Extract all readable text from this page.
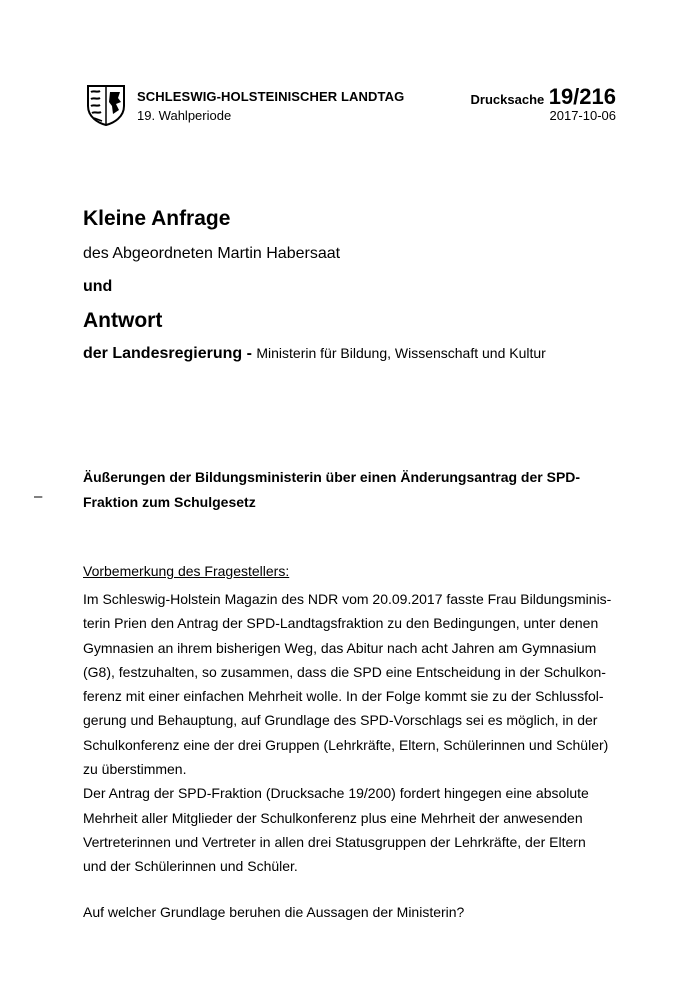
SCHLESWIG-HOLSTEINISCHER LANDTAG
19. Wahlperiode
Drucksache 19/216
2017-10-06
Kleine Anfrage
des Abgeordneten Martin Habersaat
und
Antwort
der Landesregierung - Ministerin für Bildung, Wissenschaft und Kultur
–
Äußerungen der Bildungsministerin über einen Änderungsantrag der SPD-
Fraktion zum Schulgesetz
Vorbemerkung des Fragestellers:
Im Schleswig-Holstein Magazin des NDR vom 20.09.2017 fasste Frau Bildungsminis-
terin Prien den Antrag der SPD-Landtagsfraktion zu den Bedingungen, unter denen
Gymnasien an ihrem bisherigen Weg, das Abitur nach acht Jahren am Gymnasium
(G8), festzuhalten, so zusammen, dass die SPD eine Entscheidung in der Schulkon-
ferenz mit einer einfachen Mehrheit wolle. In der Folge kommt sie zu der Schlussfol-
gerung und Behauptung, auf Grundlage des SPD-Vorschlags sei es möglich, in der
Schulkonferenz eine der drei Gruppen (Lehrkräfte, Eltern, Schülerinnen und Schüler)
zu überstimmen.
Der Antrag der SPD-Fraktion (Drucksache 19/200) fordert hingegen eine absolute
Mehrheit aller Mitglieder der Schulkonferenz plus eine Mehrheit der anwesenden
Vertreterinnen und Vertreter in allen drei Statusgruppen der Lehrkräfte, der Eltern
und der Schülerinnen und Schüler.
Auf welcher Grundlage beruhen die Aussagen der Ministerin?
